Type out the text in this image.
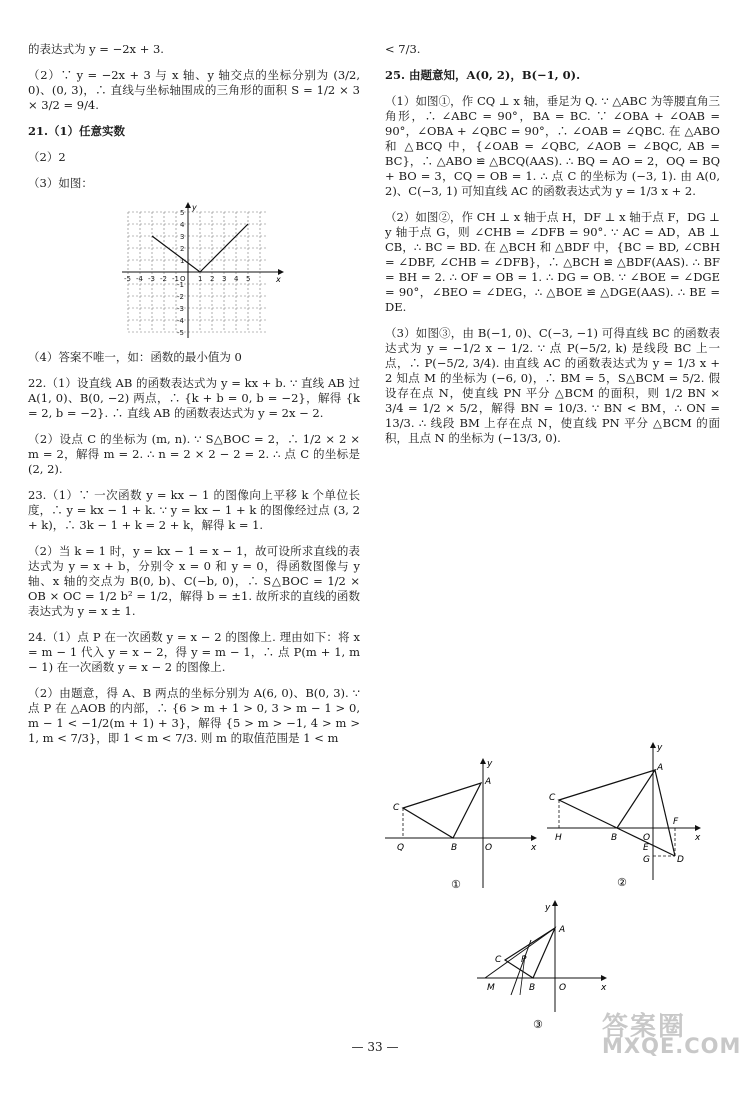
的表达式为 y = −2x + 3.

（2）∵ y = −2x + 3 与 x 轴、y 轴交点的坐标分别为 (3/2, 0)、(0, 3)，∴ 直线与坐标轴围成的三角形的面积 S = 1/2 × 3 × 3/2 = 9/4.

21.（1）任意实数

（2）2

（3）如图：

x
y
-5 -4 -3 -2 -1 O 1 2 3 4 5
5
4
3
2
1
-1
-2
-3
-4
-5

（4）答案不唯一，如：函数的最小值为 0

22.（1）设直线 AB 的函数表达式为 y = kx + b. ∵ 直线 AB 过 A(1, 0)、B(0, −2) 两点，∴ {k + b = 0, b = −2}，解得 {k = 2, b = −2}. ∴ 直线 AB 的函数表达式为 y = 2x − 2.

（2）设点 C 的坐标为 (m, n). ∵ S△BOC = 2，∴ 1/2 × 2 × m = 2，解得 m = 2. ∴ n = 2 × 2 − 2 = 2. ∴ 点 C 的坐标是 (2, 2).

23.（1）∵ 一次函数 y = kx − 1 的图像向上平移 k 个单位长度，∴ y = kx − 1 + k. ∵ y = kx − 1 + k 的图像经过点 (3, 2 + k)，∴ 3k − 1 + k = 2 + k，解得 k = 1.

（2）当 k = 1 时，y = kx − 1 = x − 1，故可设所求直线的表达式为 y = x + b，分别令 x = 0 和 y = 0，得函数图像与 y 轴、x 轴的交点为 B(0, b)、C(−b, 0)，∴ S△BOC = 1/2 × OB × OC = 1/2 b² = 1/2，解得 b = ±1. 故所求的直线的函数表达式为 y = x ± 1.

24.（1）点 P 在一次函数 y = x − 2 的图像上. 理由如下：将 x = m − 1 代入 y = x − 2，得 y = m − 1，∴ 点 P(m + 1, m − 1) 在一次函数 y = x − 2 的图像上.

（2）由题意，得 A、B 两点的坐标分别为 A(6, 0)、B(0, 3). ∵ 点 P 在 △AOB 的内部，∴ {6 > m + 1 > 0, 3 > m − 1 > 0, m − 1 < −1/2(m + 1) + 3}，解得 {5 > m > −1, 4 > m > 1, m < 7/3}，即 1 < m < 7/3. 则 m 的取值范围是 1 < m

< 7/3.

25. 由题意知，A(0, 2)，B(−1, 0).

（1）如图①，作 CQ ⊥ x 轴，垂足为 Q. ∵ △ABC 为等腰直角三角形，∴ ∠ABC = 90°，BA = BC. ∵ ∠OBA + ∠OAB = 90°，∠OBA + ∠QBC = 90°，∴ ∠OAB = ∠QBC. 在 △ABO 和 △BCQ 中，{∠OAB = ∠QBC, ∠AOB = ∠BQC, AB = BC}，∴ △ABO ≌ △BCQ(AAS). ∴ BQ = AO = 2，OQ = BQ + BO = 3，CQ = OB = 1. ∴ 点 C 的坐标为 (−3, 1). 由 A(0, 2)、C(−3, 1) 可知直线 AC 的函数表达式为 y = 1/3 x + 2.

（2）如图②，作 CH ⊥ x 轴于点 H，DF ⊥ x 轴于点 F，DG ⊥ y 轴于点 G，则 ∠CHB = ∠DFB = 90°. ∵ AC = AD，AB ⊥ CB，∴ BC = BD. 在 △BCH 和 △BDF 中，{BC = BD, ∠CBH = ∠DBF, ∠CHB = ∠DFB}，∴ △BCH ≌ △BDF(AAS). ∴ BF = BH = 2. ∴ OF = OB = 1. ∴ DG = OB. ∵ ∠BOE = ∠DGE = 90°，∠BEO = ∠DEG，∴ △BOE ≌ △DGE(AAS). ∴ BE = DE.

（3）如图③，由 B(−1, 0)、C(−3, −1) 可得直线 BC 的函数表达式为 y = −1/2 x − 1/2. ∵ 点 P(−5/2, k) 是线段 BC 上一点，∴ P(−5/2, 3/4). 由直线 AC 的函数表达式为 y = 1/3 x + 2 知点 M 的坐标为 (−6, 0)，∴ BM = 5，S△BCM = 5/2. 假设存在点 N，使直线 PN 平分 △BCM 的面积，则 1/2 BN × 3/4 = 1/2 × 5/2，解得 BN = 10/3. ∵ BN < BM，∴ ON = 13/3. ∴ 线段 BM 上存在点 N，使直线 PN 平分 △BCM 的面积，且点 N 的坐标为 (−13/3, 0).

C
A
B	O
Q	x
y
①
C
A
B	O
H
F
E
G	D
x
y
②
C
A
B	O
M
P
x
y
③
— 33 —
答案圈
MXQE.COM
